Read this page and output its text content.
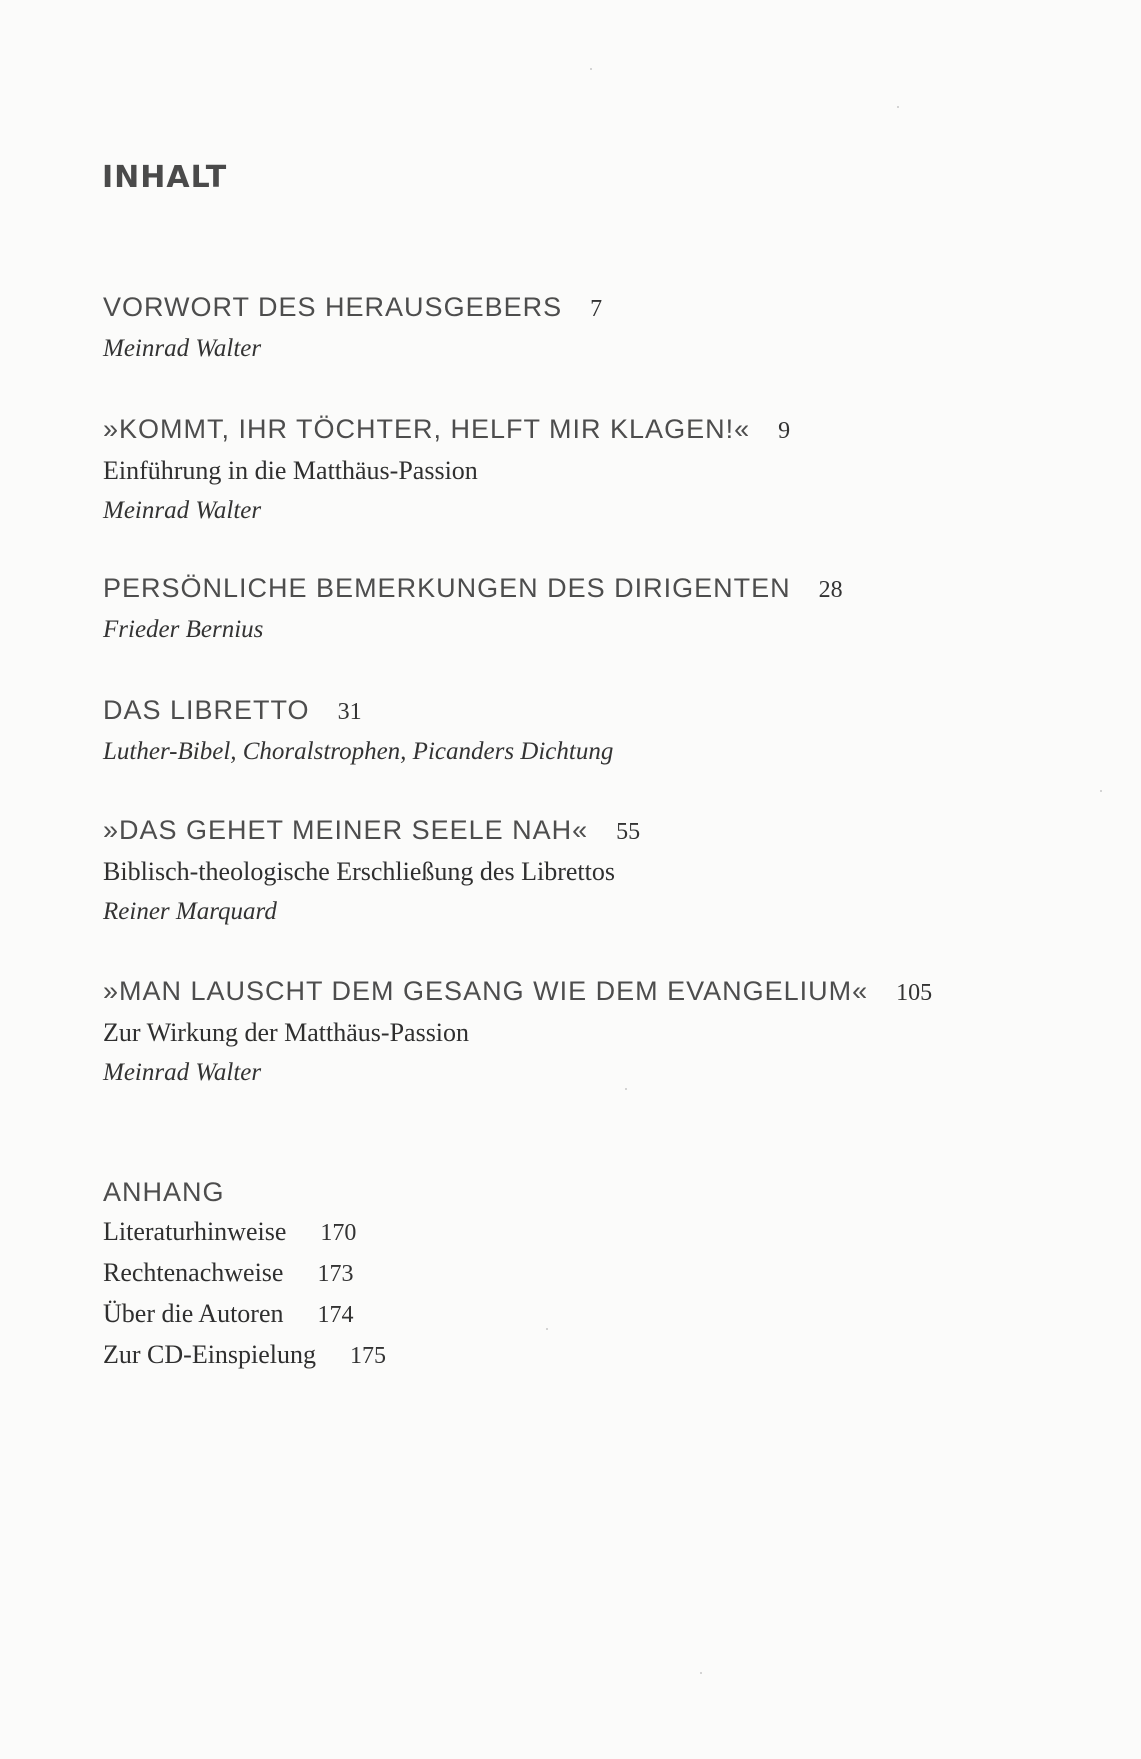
INHALT
VORWORT DES HERAUSGEBERS 7
Meinrad Walter
»KOMMT, IHR TÖCHTER, HELFT MIR KLAGEN!« 9
Einführung in die Matthäus-Passion
Meinrad Walter
PERSÖNLICHE BEMERKUNGEN DES DIRIGENTEN 28
Frieder Bernius
DAS LIBRETTO 31
Luther-Bibel, Choralstrophen, Picanders Dichtung
»DAS GEHET MEINER SEELE NAH« 55
Biblisch-theologische Erschließung des Librettos
Reiner Marquard
»MAN LAUSCHT DEM GESANG WIE DEM EVANGELIUM« 105
Zur Wirkung der Matthäus-Passion
Meinrad Walter
ANHANG
Literaturhinweise 170
Rechtenachweise 173
Über die Autoren 174
Zur CD-Einspielung 175
